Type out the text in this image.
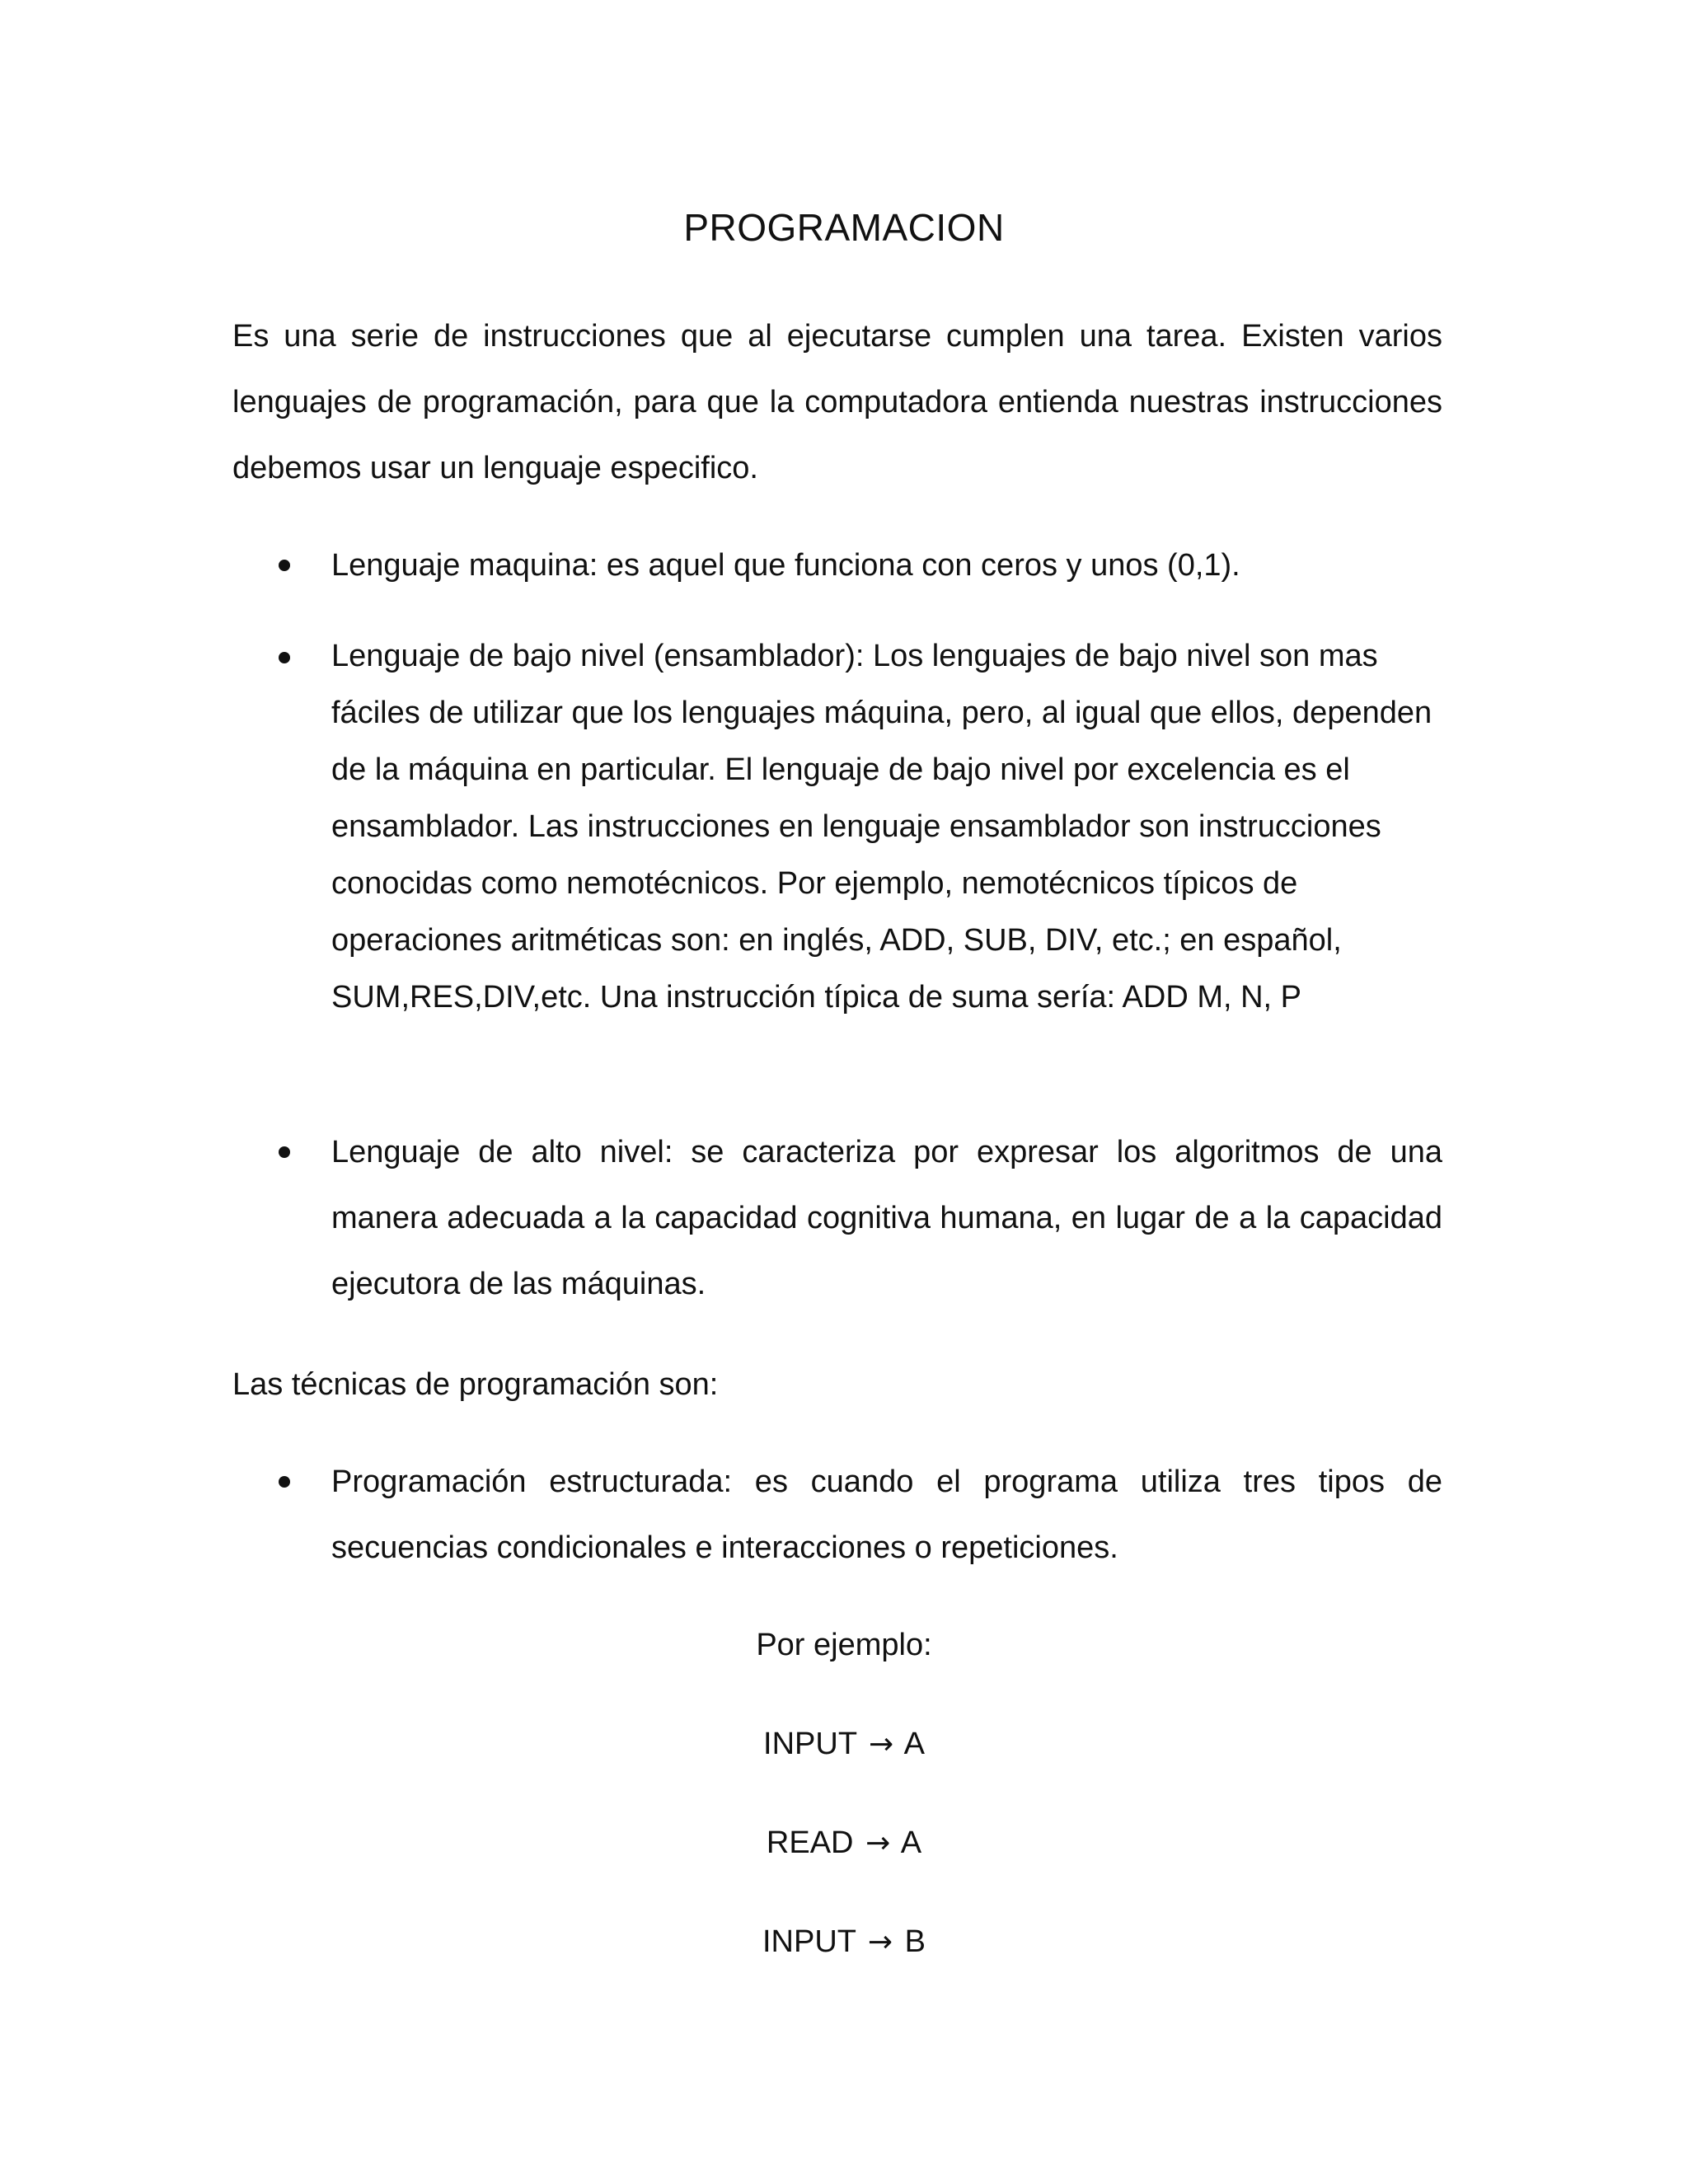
PROGRAMACION

Es una serie de instrucciones que al ejecutarse cumplen una tarea. Existen varios lenguajes de programación, para que la computadora entienda nuestras instrucciones debemos usar un lenguaje especifico.

Lenguaje maquina: es aquel que funciona con ceros y unos (0,1).

Lenguaje de bajo nivel (ensamblador): Los lenguajes de bajo nivel son mas fáciles de utilizar que los lenguajes máquina, pero, al igual que ellos, dependen de la máquina en particular. El lenguaje de bajo nivel por excelencia es el ensamblador. Las instrucciones en lenguaje ensamblador son instrucciones conocidas como nemotécnicos. Por ejemplo, nemotécnicos típicos de operaciones aritméticas son: en inglés, ADD, SUB, DIV, etc.; en español, SUM,RES,DIV,etc. Una instrucción típica de suma sería: ADD M, N, P

Lenguaje de alto nivel: se caracteriza por expresar los algoritmos de una manera adecuada a la capacidad cognitiva humana, en lugar de a la capacidad ejecutora de las máquinas.

Las técnicas de programación son:

Programación estructurada: es cuando el programa utiliza tres tipos de secuencias condicionales e interacciones o repeticiones.

Por ejemplo:

INPUT → A

READ → A

INPUT → B
